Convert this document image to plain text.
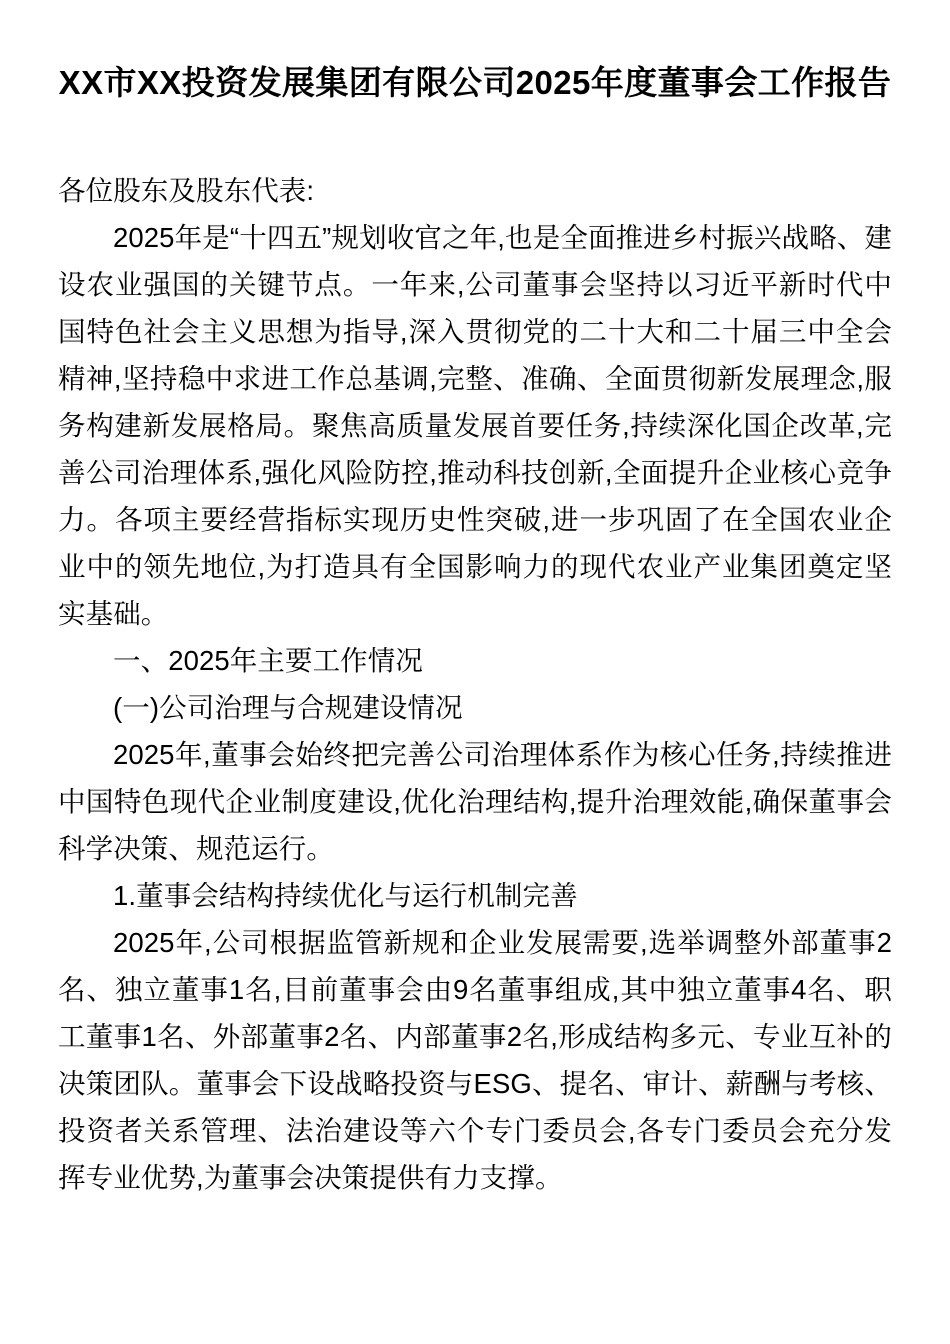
XX市XX投资发展集团有限公司2025年度董事会工作报告

各位股东及股东代表:

2025年是“十四五”规划收官之年,也是全面推进乡村振兴战略、建设农业强国的关键节点。一年来,公司董事会坚持以习近平新时代中国特色社会主义思想为指导,深入贯彻党的二十大和二十届三中全会精神,坚持稳中求进工作总基调,完整、准确、全面贯彻新发展理念,服务构建新发展格局。聚焦高质量发展首要任务,持续深化国企改革,完善公司治理体系,强化风险防控,推动科技创新,全面提升企业核心竞争力。各项主要经营指标实现历史性突破,进一步巩固了在全国农业企业中的领先地位,为打造具有全国影响力的现代农业产业集团奠定坚实基础。

一、2025年主要工作情况

(一)公司治理与合规建设情况

2025年,董事会始终把完善公司治理体系作为核心任务,持续推进中国特色现代企业制度建设,优化治理结构,提升治理效能,确保董事会科学决策、规范运行。

1.董事会结构持续优化与运行机制完善

2025年,公司根据监管新规和企业发展需要,选举调整外部董事2名、独立董事1名,目前董事会由9名董事组成,其中独立董事4名、职工董事1名、外部董事2名、内部董事2名,形成结构多元、专业互补的决策团队。董事会下设战略投资与ESG、提名、审计、薪酬与考核、投资者关系管理、法治建设等六个专门委员会,各专门委员会充分发挥专业优势,为董事会决策提供有力支撑。
